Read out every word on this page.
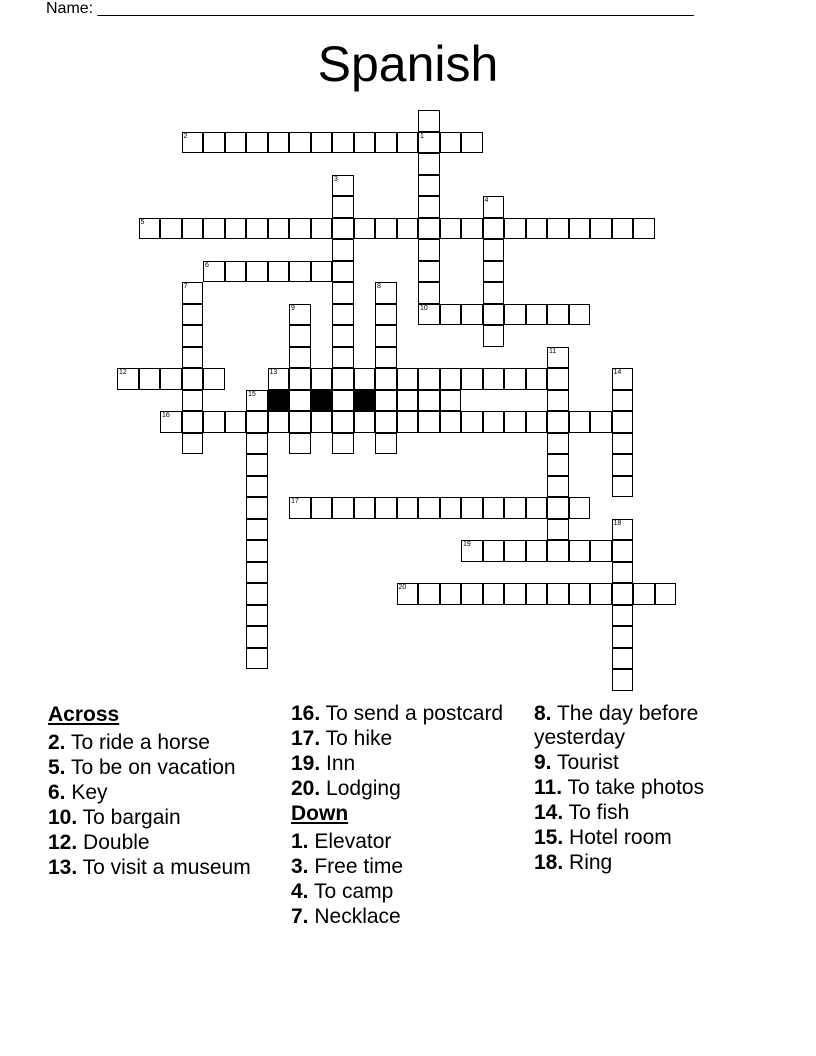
Name: ___________________________________________________________________
Spanish
1
10
2
3
4
5
6
7	8
9
11
12	13	14
15
16
17
18
19
20
Across
2. To ride a horse
5. To be on vacation
6. Key
10. To bargain
12. Double
13. To visit a museum
16. To send a postcard
17. To hike
19. Inn
20. Lodging
Down
1. Elevator
3. Free time
4. To camp
7. Necklace
8. The day before yesterday
9. Tourist
11. To take photos
14. To fish
15. Hotel room
18. Ring
